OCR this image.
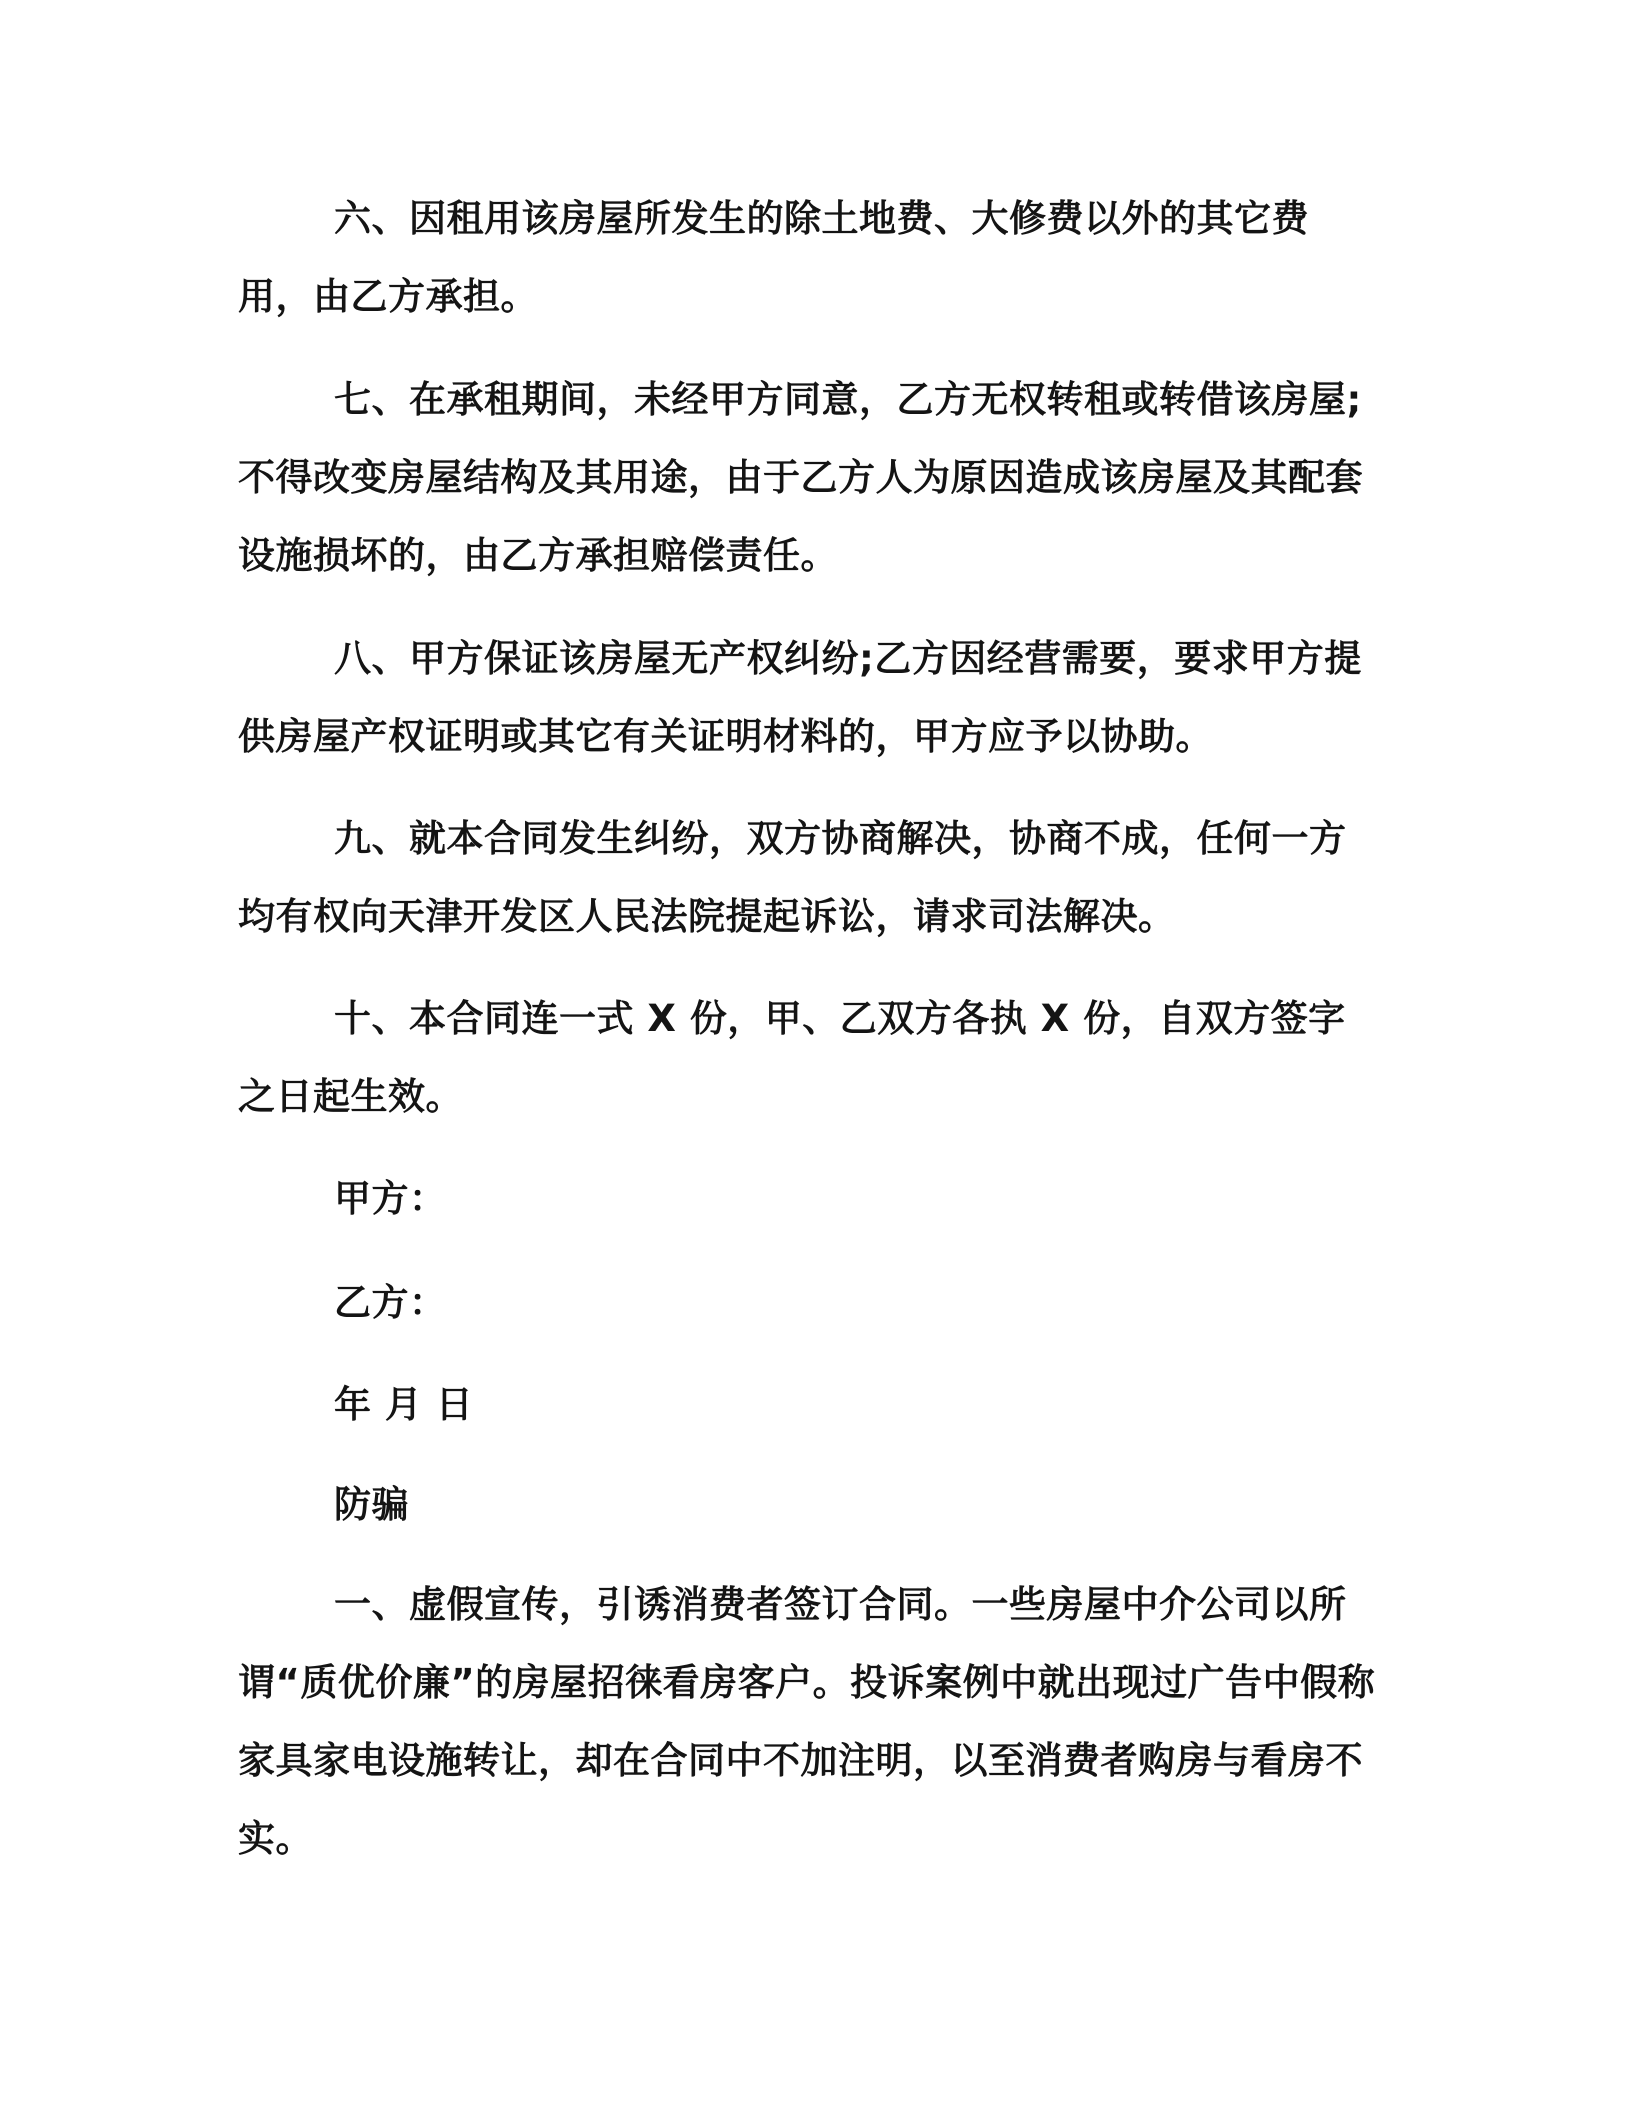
六、因租用该房屋所发生的除土地费、大修费以外的其它费用，由乙方承担。
七、在承租期间，未经甲方同意，乙方无权转租或转借该房屋;不得改变房屋结构及其用途，由于乙方人为原因造成该房屋及其配套设施损坏的，由乙方承担赔偿责任。
八、甲方保证该房屋无产权纠纷;乙方因经营需要，要求甲方提供房屋产权证明或其它有关证明材料的，甲方应予以协助。
九、就本合同发生纠纷，双方协商解决，协商不成，任何一方均有权向天津开发区人民法院提起诉讼，请求司法解决。
十、本合同连一式 X 份，甲、乙双方各执 X 份，自双方签字之日起生效。
甲方：
乙方：
年 月 日
防骗
一、虚假宣传，引诱消费者签订合同。一些房屋中介公司以所谓“质优价廉”的房屋招徕看房客户。投诉案例中就出现过广告中假称家具家电设施转让，却在合同中不加注明，以至消费者购房与看房不实。
